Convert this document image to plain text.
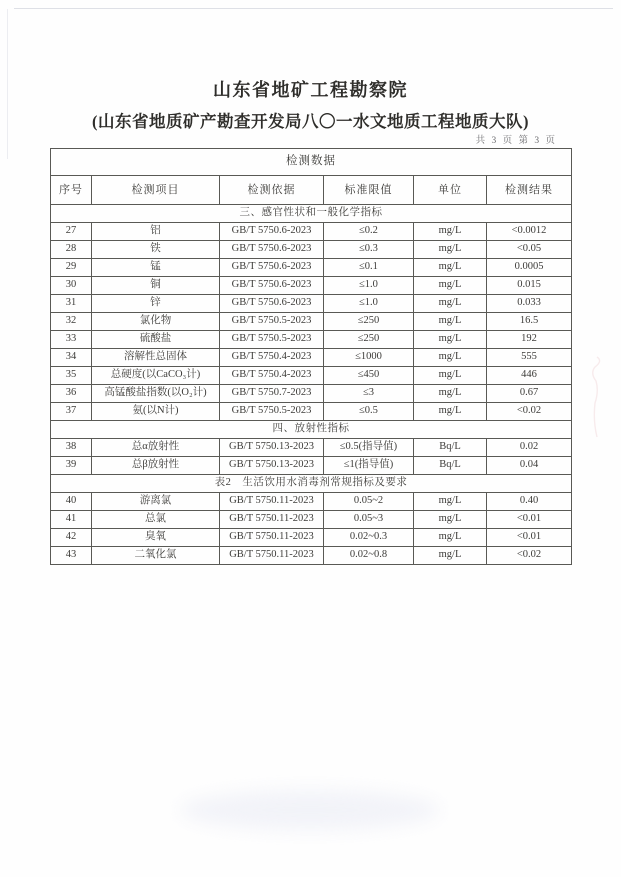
山东省地矿工程勘察院
(山东省地质矿产勘查开发局八〇一水文地质工程地质大队)
共 3 页 第 3 页
检测数据					
序号	检测项目	检测依据	标准限值	单位	检测结果
三、感官性状和一般化学指标					
27	铝	GB/T 5750.6-2023	≤0.2	mg/L	<0.0012
28	铁	GB/T 5750.6-2023	≤0.3	mg/L	<0.05
29	锰	GB/T 5750.6-2023	≤0.1	mg/L	0.0005
30	铜	GB/T 5750.6-2023	≤1.0	mg/L	0.015
31	锌	GB/T 5750.6-2023	≤1.0	mg/L	0.033
32	氯化物	GB/T 5750.5-2023	≤250	mg/L	16.5
33	硫酸盐	GB/T 5750.5-2023	≤250	mg/L	192
34	溶解性总固体	GB/T 5750.4-2023	≤1000	mg/L	555
35	总硬度(以CaCO₃计)	GB/T 5750.4-2023	≤450	mg/L	446
36	高锰酸盐指数(以O₂计)	GB/T 5750.7-2023	≤3	mg/L	0.67
37	氨(以N计)	GB/T 5750.5-2023	≤0.5	mg/L	<0.02
四、放射性指标					
38	总α放射性	GB/T 5750.13-2023	≤0.5(指导值)	Bq/L	0.02
39	总β放射性	GB/T 5750.13-2023	≤1(指导值)	Bq/L	0.04
表2　生活饮用水消毒剂常规指标及要求					
40	游离氯	GB/T 5750.11-2023	0.05~2	mg/L	0.40
41	总氯	GB/T 5750.11-2023	0.05~3	mg/L	<0.01
42	臭氧	GB/T 5750.11-2023	0.02~0.3	mg/L	<0.01
43	二氧化氯	GB/T 5750.11-2023	0.02~0.8	mg/L	<0.02
